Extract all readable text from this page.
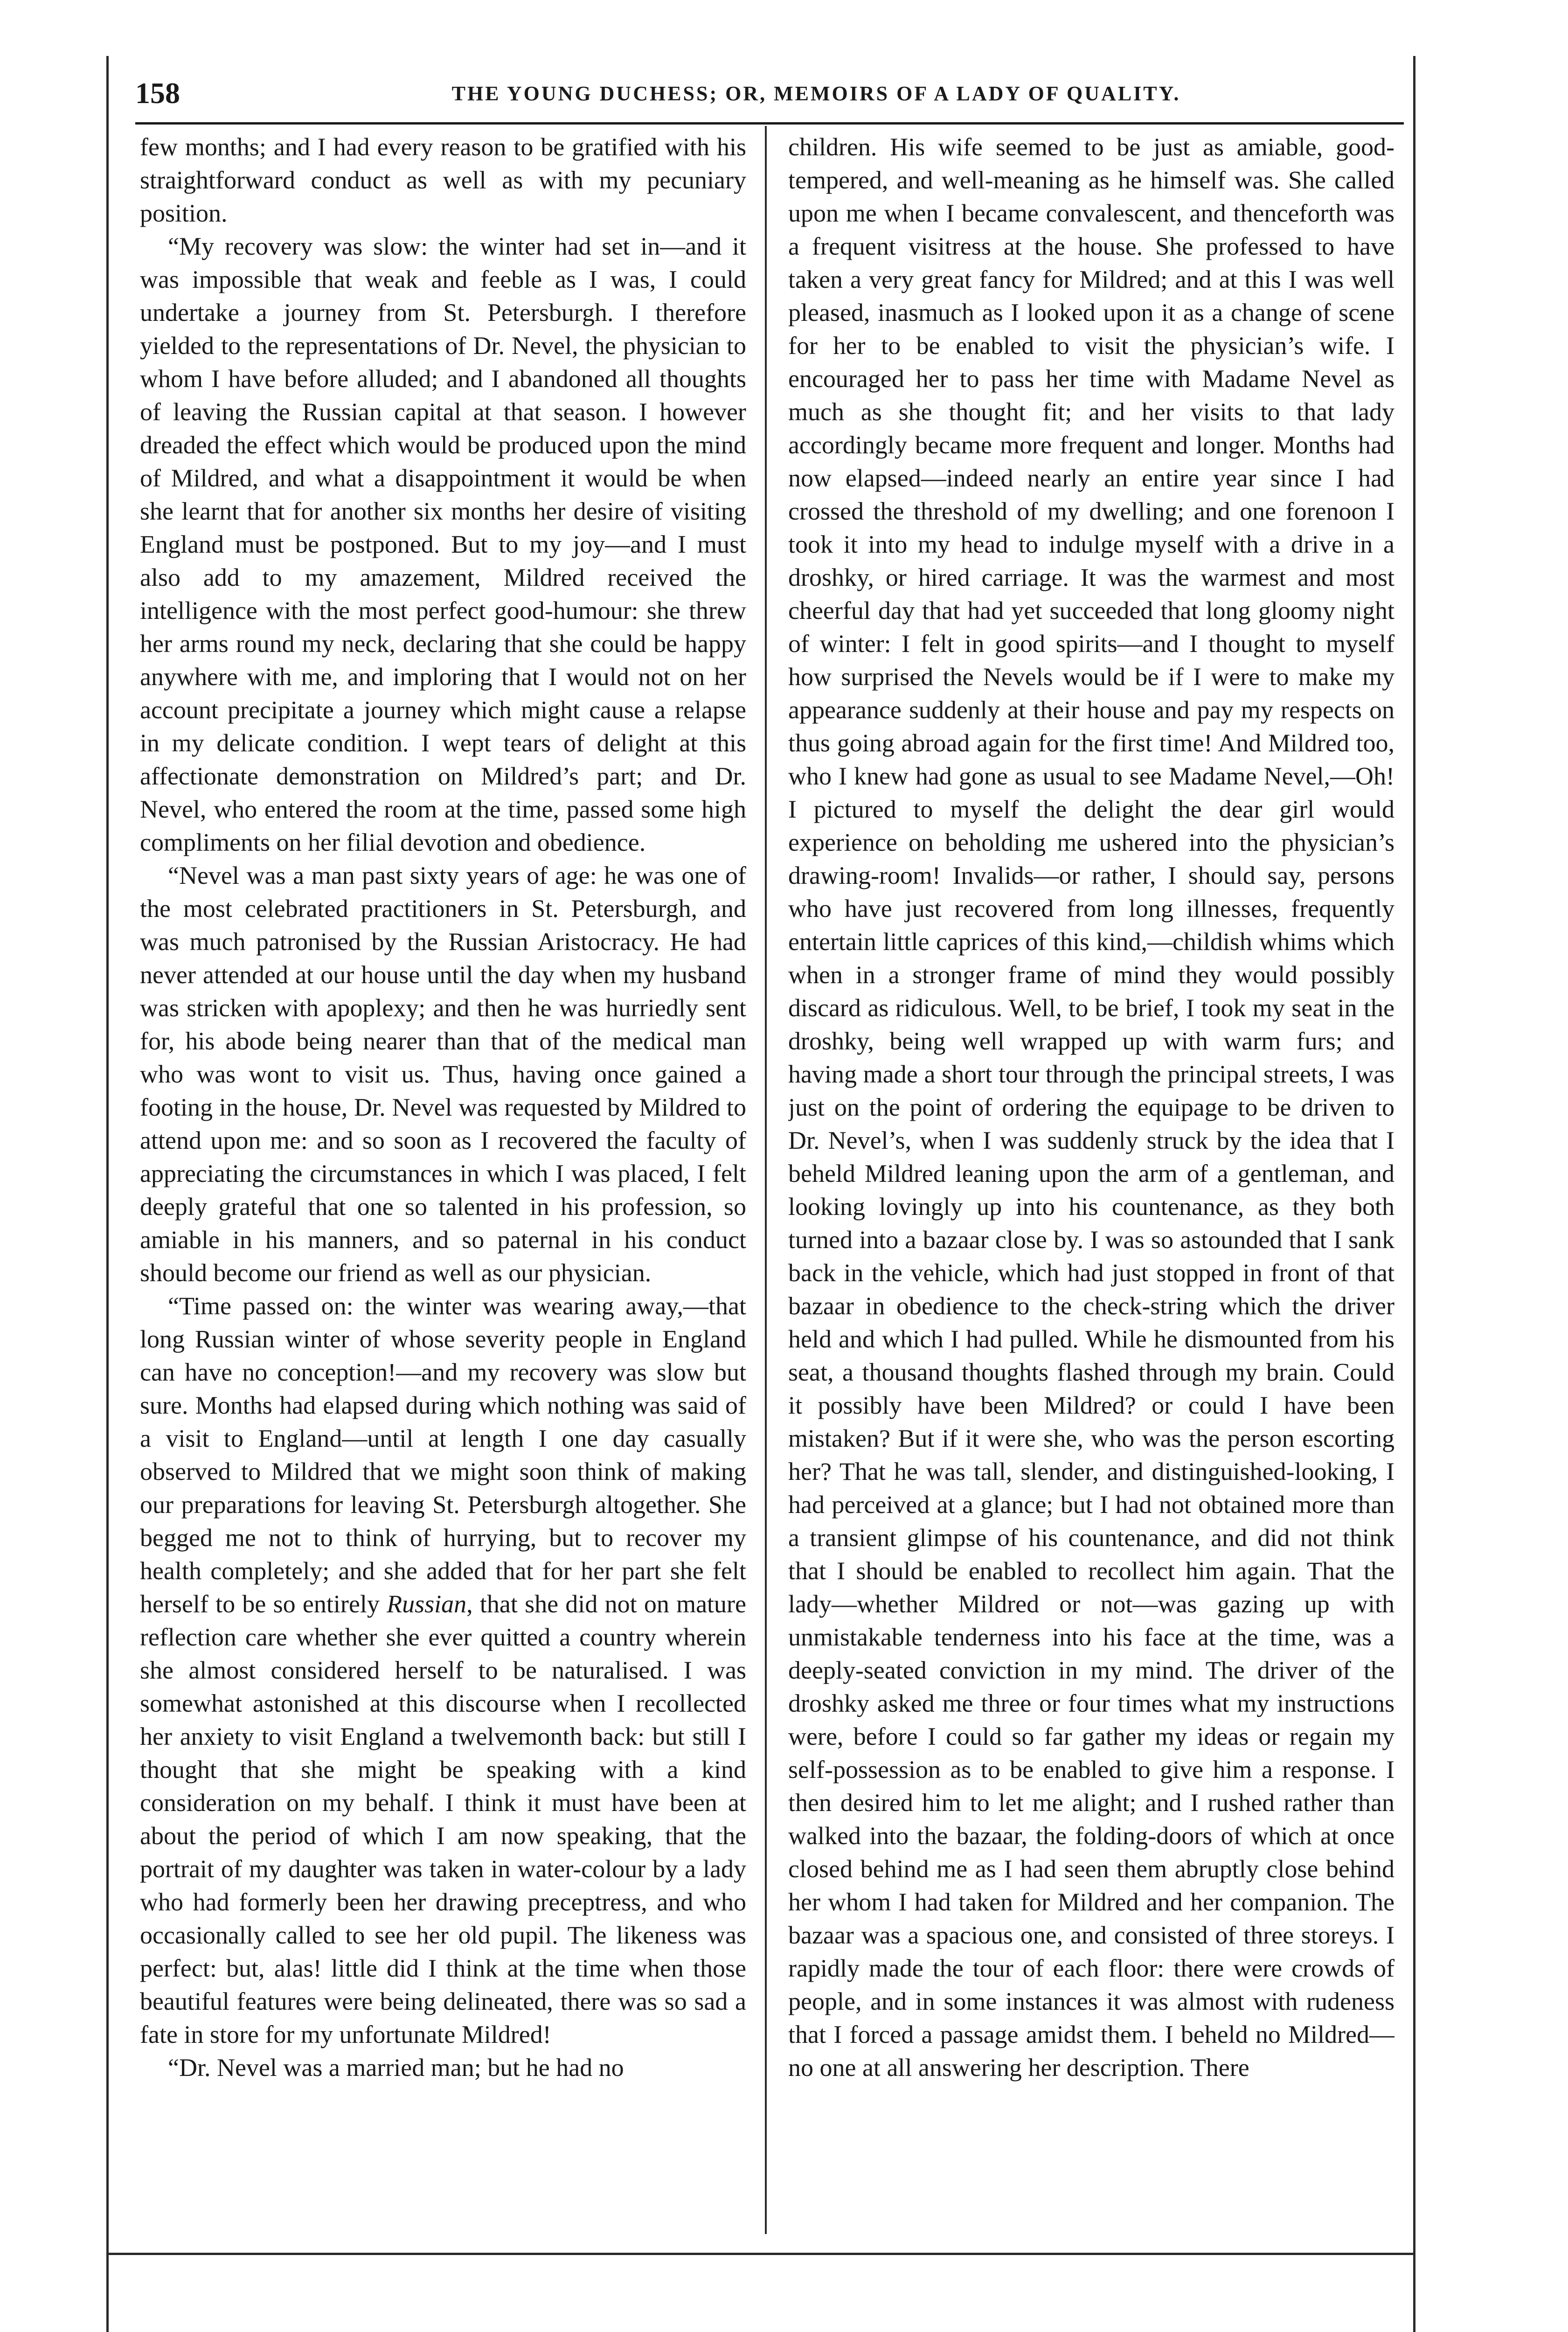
158	THE YOUNG DUCHESS; OR, MEMOIRS OF A LADY OF QUALITY.

few months; and I had every reason to be gratified with his straightforward conduct as well as with my pecuniary position.

“My recovery was slow: the winter had set in—and it was impossible that weak and feeble as I was, I could undertake a journey from St. Petersburgh. I therefore yielded to the representations of Dr. Nevel, the physician to whom I have before alluded; and I abandoned all thoughts of leaving the Russian capital at that season. I however dreaded the effect which would be produced upon the mind of Mildred, and what a disappointment it would be when she learnt that for another six months her desire of visiting England must be postponed. But to my joy—and I must also add to my amazement, Mildred received the intelligence with the most perfect good-humour: she threw her arms round my neck, declaring that she could be happy anywhere with me, and imploring that I would not on her account precipitate a journey which might cause a relapse in my delicate condition. I wept tears of delight at this affectionate demonstration on Mildred’s part; and Dr. Nevel, who entered the room at the time, passed some high compliments on her filial devotion and obedience.

“Nevel was a man past sixty years of age: he was one of the most celebrated practitioners in St. Petersburgh, and was much patronised by the Russian Aristocracy. He had never attended at our house until the day when my husband was stricken with apoplexy; and then he was hurriedly sent for, his abode being nearer than that of the medical man who was wont to visit us. Thus, having once gained a footing in the house, Dr. Nevel was requested by Mildred to attend upon me: and so soon as I recovered the faculty of appreciating the circumstances in which I was placed, I felt deeply grateful that one so talented in his profession, so amiable in his manners, and so paternal in his conduct should become our friend as well as our physician.

“Time passed on: the winter was wearing away,—that long Russian winter of whose severity people in England can have no conception!—and my recovery was slow but sure. Months had elapsed during which nothing was said of a visit to England—until at length I one day casually observed to Mildred that we might soon think of making our preparations for leaving St. Petersburgh altogether. She begged me not to think of hurrying, but to recover my health completely; and she added that for her part she felt herself to be so entirely Russian, that she did not on mature reflection care whether she ever quitted a country wherein she almost considered herself to be naturalised. I was somewhat astonished at this discourse when I recollected her anxiety to visit England a twelvemonth back: but still I thought that she might be speaking with a kind consideration on my behalf. I think it must have been at about the period of which I am now speaking, that the portrait of my daughter was taken in water-colour by a lady who had formerly been her drawing preceptress, and who occasionally called to see her old pupil. The likeness was perfect: but, alas! little did I think at the time when those beautiful features were being delineated, there was so sad a fate in store for my unfortunate Mildred!

“Dr. Nevel was a married man; but he had no

children. His wife seemed to be just as amiable, good-tempered, and well-meaning as he himself was. She called upon me when I became convalescent, and thenceforth was a frequent visitress at the house. She professed to have taken a very great fancy for Mildred; and at this I was well pleased, inasmuch as I looked upon it as a change of scene for her to be enabled to visit the physician’s wife. I encouraged her to pass her time with Madame Nevel as much as she thought fit; and her visits to that lady accordingly became more frequent and longer. Months had now elapsed—indeed nearly an entire year since I had crossed the threshold of my dwelling; and one forenoon I took it into my head to indulge myself with a drive in a droshky, or hired carriage. It was the warmest and most cheerful day that had yet succeeded that long gloomy night of winter: I felt in good spirits—and I thought to myself how surprised the Nevels would be if I were to make my appearance suddenly at their house and pay my respects on thus going abroad again for the first time! And Mildred too, who I knew had gone as usual to see Madame Nevel,—Oh! I pictured to myself the delight the dear girl would experience on beholding me ushered into the physician’s drawing-room! Invalids—or rather, I should say, persons who have just recovered from long illnesses, frequently entertain little caprices of this kind,—childish whims which when in a stronger frame of mind they would possibly discard as ridiculous. Well, to be brief, I took my seat in the droshky, being well wrapped up with warm furs; and having made a short tour through the principal streets, I was just on the point of ordering the equipage to be driven to Dr. Nevel’s, when I was suddenly struck by the idea that I beheld Mildred leaning upon the arm of a gentleman, and looking lovingly up into his countenance, as they both turned into a bazaar close by. I was so astounded that I sank back in the vehicle, which had just stopped in front of that bazaar in obedience to the check-string which the driver held and which I had pulled. While he dismounted from his seat, a thousand thoughts flashed through my brain. Could it possibly have been Mildred? or could I have been mistaken? But if it were she, who was the person escorting her? That he was tall, slender, and distinguished-looking, I had perceived at a glance; but I had not obtained more than a transient glimpse of his countenance, and did not think that I should be enabled to recollect him again. That the lady—whether Mildred or not—was gazing up with unmistakable tenderness into his face at the time, was a deeply-seated conviction in my mind. The driver of the droshky asked me three or four times what my instructions were, before I could so far gather my ideas or regain my self-possession as to be enabled to give him a response. I then desired him to let me alight; and I rushed rather than walked into the bazaar, the folding-doors of which at once closed behind me as I had seen them abruptly close behind her whom I had taken for Mildred and her companion. The bazaar was a spacious one, and consisted of three storeys. I rapidly made the tour of each floor: there were crowds of people, and in some instances it was almost with rudeness that I forced a passage amidst them. I beheld no Mildred—no one at all answering her description. There
